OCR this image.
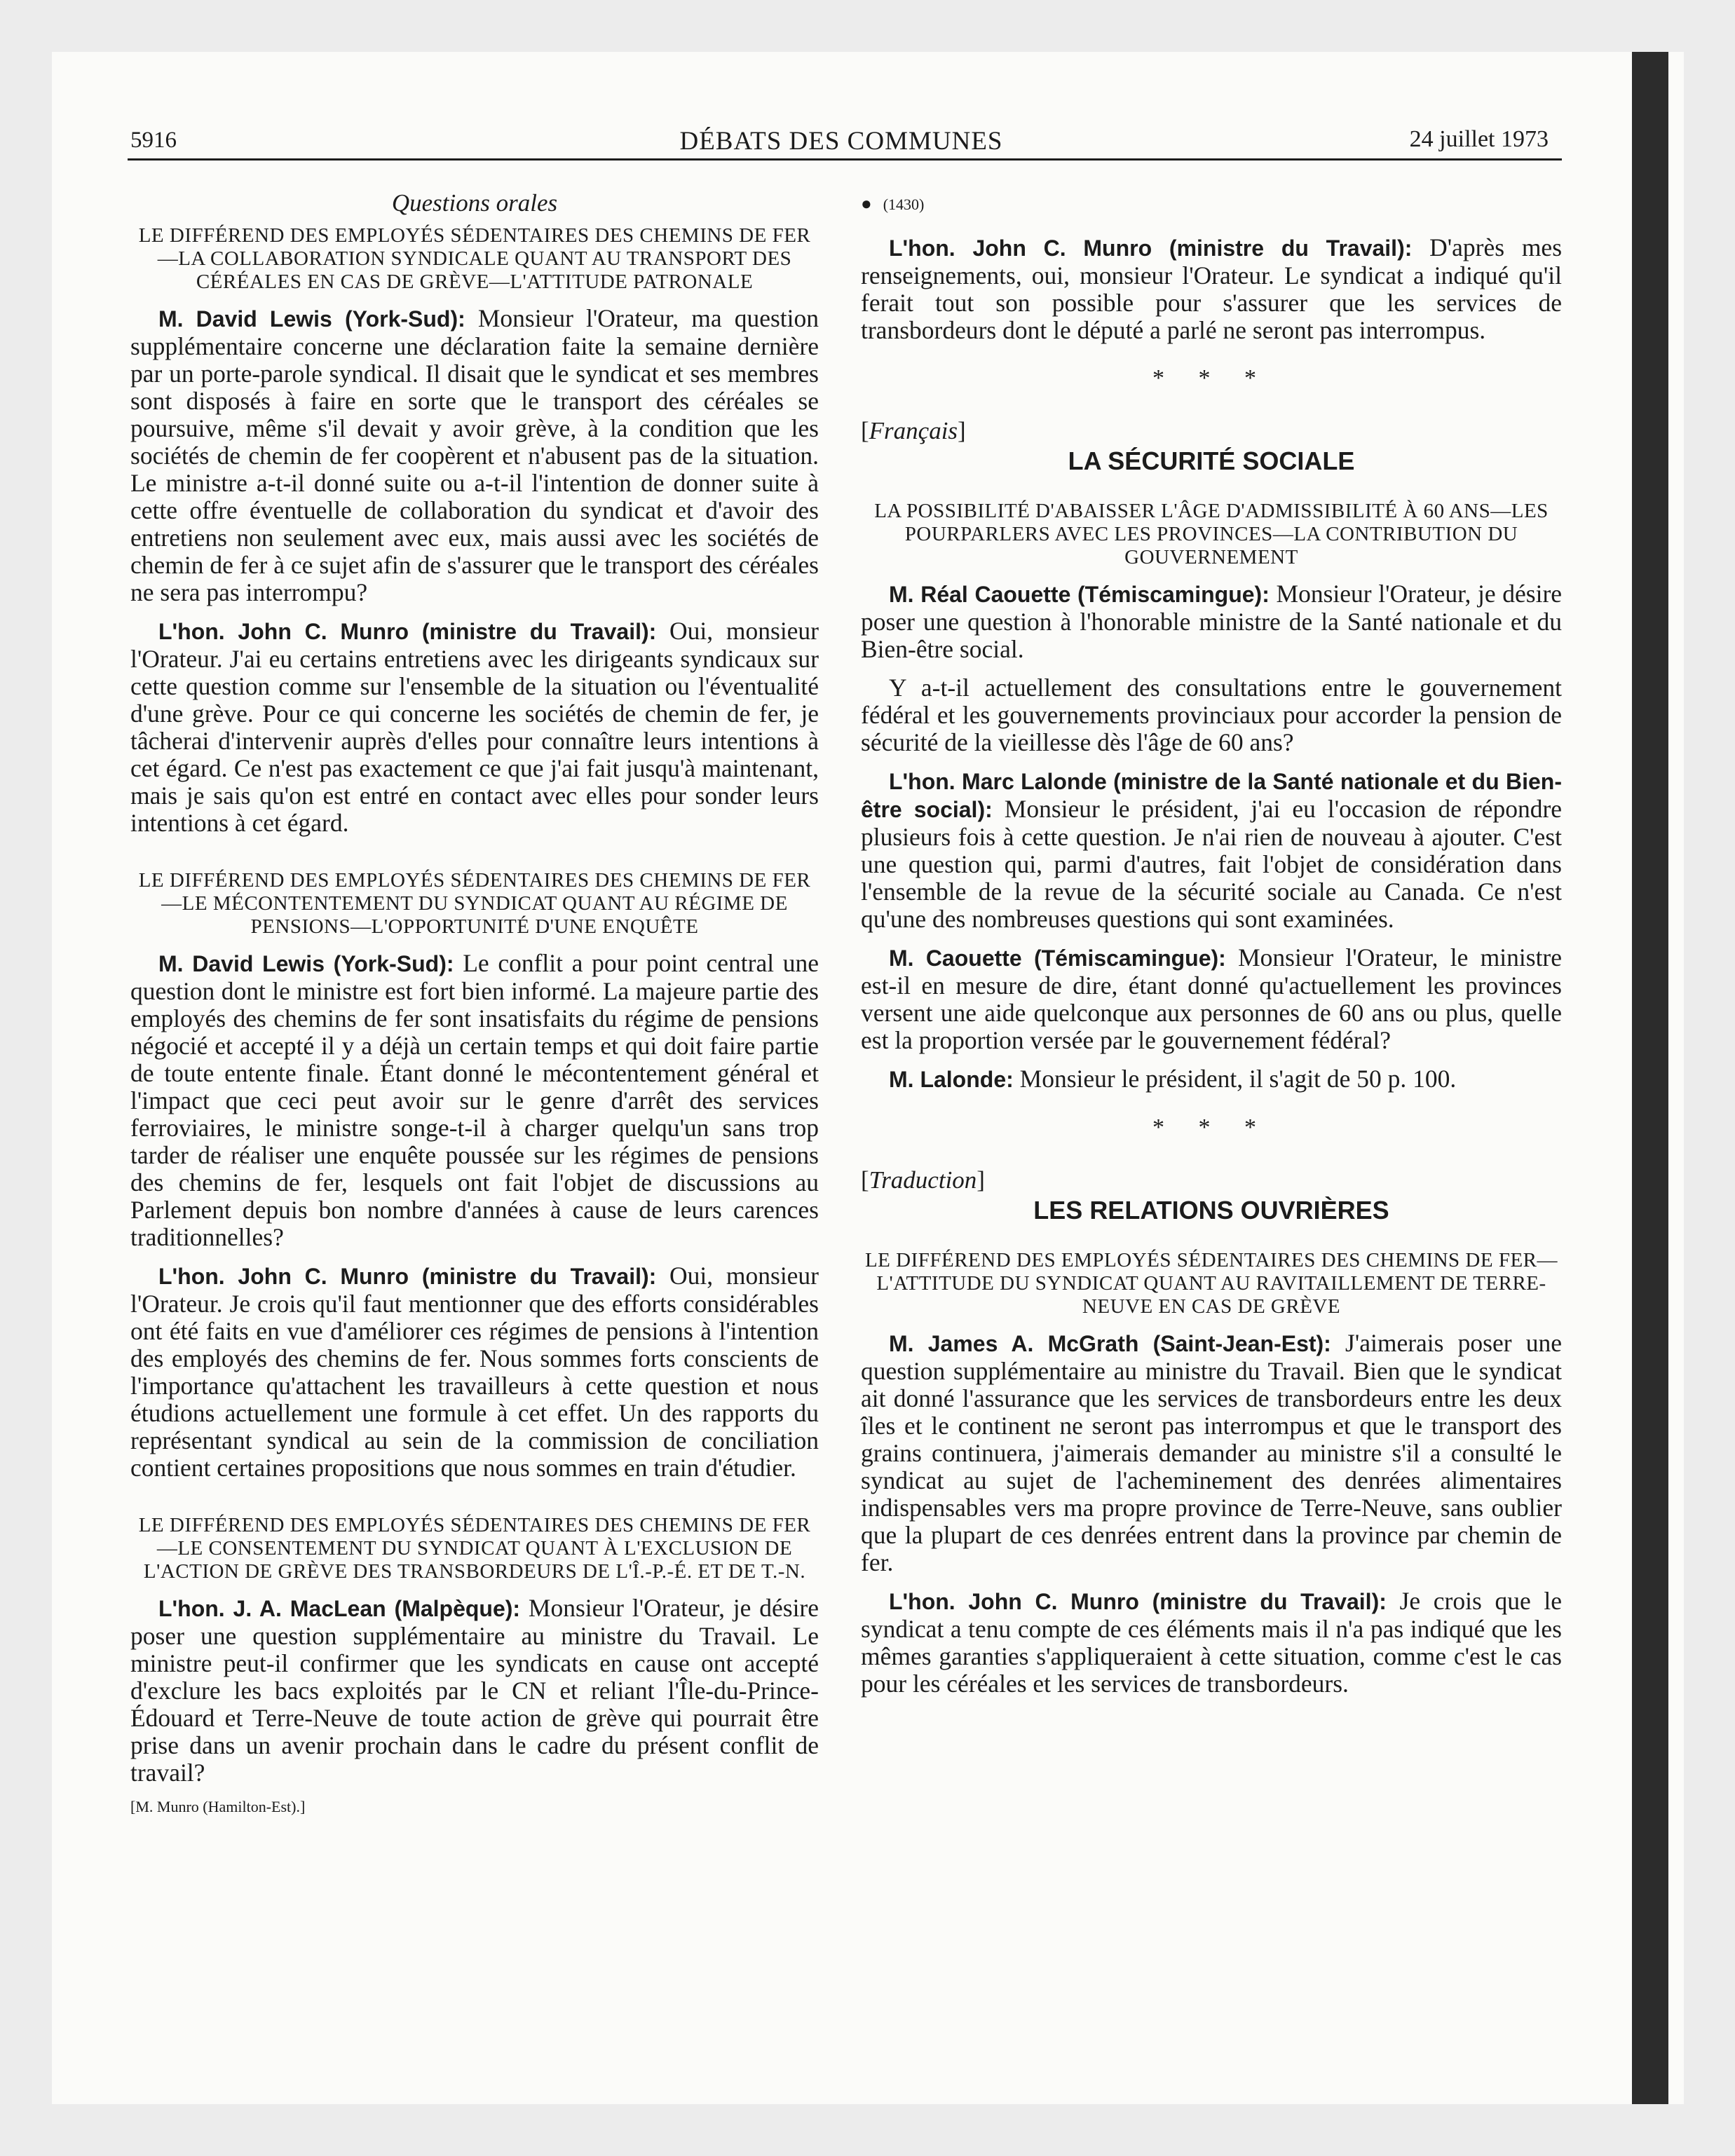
5916	DÉBATS DES COMMUNES	24 juillet 1973
Questions orales
LE DIFFÉREND DES EMPLOYÉS SÉDENTAIRES DES CHEMINS DE FER—LA COLLABORATION SYNDICALE QUANT AU TRANSPORT DES CÉRÉALES EN CAS DE GRÈVE—L'ATTITUDE PATRONALE

M. David Lewis (York-Sud): Monsieur l'Orateur, ma question supplémentaire concerne une déclaration faite la semaine dernière par un porte-parole syndical. Il disait que le syndicat et ses membres sont disposés à faire en sorte que le transport des céréales se poursuive, même s'il devait y avoir grève, à la condition que les sociétés de chemin de fer coopèrent et n'abusent pas de la situation. Le ministre a-t-il donné suite ou a-t-il l'intention de donner suite à cette offre éventuelle de collaboration du syndicat et d'avoir des entretiens non seulement avec eux, mais aussi avec les sociétés de chemin de fer à ce sujet afin de s'assurer que le transport des céréales ne sera pas interrompu?

L'hon. John C. Munro (ministre du Travail): Oui, monsieur l'Orateur. J'ai eu certains entretiens avec les dirigeants syndicaux sur cette question comme sur l'ensemble de la situation ou l'éventualité d'une grève. Pour ce qui concerne les sociétés de chemin de fer, je tâcherai d'intervenir auprès d'elles pour connaître leurs intentions à cet égard. Ce n'est pas exactement ce que j'ai fait jusqu'à maintenant, mais je sais qu'on est entré en contact avec elles pour sonder leurs intentions à cet égard.

LE DIFFÉREND DES EMPLOYÉS SÉDENTAIRES DES CHEMINS DE FER—LE MÉCONTENTEMENT DU SYNDICAT QUANT AU RÉGIME DE PENSIONS—L'OPPORTUNITÉ D'UNE ENQUÊTE

M. David Lewis (York-Sud): Le conflit a pour point central une question dont le ministre est fort bien informé. La majeure partie des employés des chemins de fer sont insatisfaits du régime de pensions négocié et accepté il y a déjà un certain temps et qui doit faire partie de toute entente finale. Étant donné le mécontentement général et l'impact que ceci peut avoir sur le genre d'arrêt des services ferroviaires, le ministre songe-t-il à charger quelqu'un sans trop tarder de réaliser une enquête poussée sur les régimes de pensions des chemins de fer, lesquels ont fait l'objet de discussions au Parlement depuis bon nombre d'années à cause de leurs carences traditionnelles?

L'hon. John C. Munro (ministre du Travail): Oui, monsieur l'Orateur. Je crois qu'il faut mentionner que des efforts considérables ont été faits en vue d'améliorer ces régimes de pensions à l'intention des employés des chemins de fer. Nous sommes forts conscients de l'importance qu'attachent les travailleurs à cette question et nous étudions actuellement une formule à cet effet. Un des rapports du représentant syndical au sein de la commission de conciliation contient certaines propositions que nous sommes en train d'étudier.

LE DIFFÉREND DES EMPLOYÉS SÉDENTAIRES DES CHEMINS DE FER—LE CONSENTEMENT DU SYNDICAT QUANT À L'EXCLUSION DE L'ACTION DE GRÈVE DES TRANSBORDEURS DE L'Î.-P.-É. ET DE T.-N.

L'hon. J. A. MacLean (Malpèque): Monsieur l'Orateur, je désire poser une question supplémentaire au ministre du Travail. Le ministre peut-il confirmer que les syndicats en cause ont accepté d'exclure les bacs exploités par le CN et reliant l'Île-du-Prince-Édouard et Terre-Neuve de toute action de grève qui pourrait être prise dans un avenir prochain dans le cadre du présent conflit de travail?

[M. Munro (Hamilton-Est).]
● (1430)

L'hon. John C. Munro (ministre du Travail): D'après mes renseignements, oui, monsieur l'Orateur. Le syndicat a indiqué qu'il ferait tout son possible pour s'assurer que les services de transbordeurs dont le député a parlé ne seront pas interrompus.

* * *
[Français]
LA SÉCURITÉ SOCIALE
LA POSSIBILITÉ D'ABAISSER L'ÂGE D'ADMISSIBILITÉ À 60 ANS—LES POURPARLERS AVEC LES PROVINCES—LA CONTRIBUTION DU GOUVERNEMENT

M. Réal Caouette (Témiscamingue): Monsieur l'Orateur, je désire poser une question à l'honorable ministre de la Santé nationale et du Bien-être social.

Y a-t-il actuellement des consultations entre le gouvernement fédéral et les gouvernements provinciaux pour accorder la pension de sécurité de la vieillesse dès l'âge de 60 ans?

L'hon. Marc Lalonde (ministre de la Santé nationale et du Bien-être social): Monsieur le président, j'ai eu l'occasion de répondre plusieurs fois à cette question. Je n'ai rien de nouveau à ajouter. C'est une question qui, parmi d'autres, fait l'objet de considération dans l'ensemble de la revue de la sécurité sociale au Canada. Ce n'est qu'une des nombreuses questions qui sont examinées.

M. Caouette (Témiscamingue): Monsieur l'Orateur, le ministre est-il en mesure de dire, étant donné qu'actuellement les provinces versent une aide quelconque aux personnes de 60 ans ou plus, quelle est la proportion versée par le gouvernement fédéral?

M. Lalonde: Monsieur le président, il s'agit de 50 p. 100.

* * *
[Traduction]
LES RELATIONS OUVRIÈRES
LE DIFFÉREND DES EMPLOYÉS SÉDENTAIRES DES CHEMINS DE FER—L'ATTITUDE DU SYNDICAT QUANT AU RAVITAILLEMENT DE TERRE-NEUVE EN CAS DE GRÈVE

M. James A. McGrath (Saint-Jean-Est): J'aimerais poser une question supplémentaire au ministre du Travail. Bien que le syndicat ait donné l'assurance que les services de transbordeurs entre les deux îles et le continent ne seront pas interrompus et que le transport des grains continuera, j'aimerais demander au ministre s'il a consulté le syndicat au sujet de l'acheminement des denrées alimentaires indispensables vers ma propre province de Terre-Neuve, sans oublier que la plupart de ces denrées entrent dans la province par chemin de fer.

L'hon. John C. Munro (ministre du Travail): Je crois que le syndicat a tenu compte de ces éléments mais il n'a pas indiqué que les mêmes garanties s'appliqueraient à cette situation, comme c'est le cas pour les céréales et les services de transbordeurs.
